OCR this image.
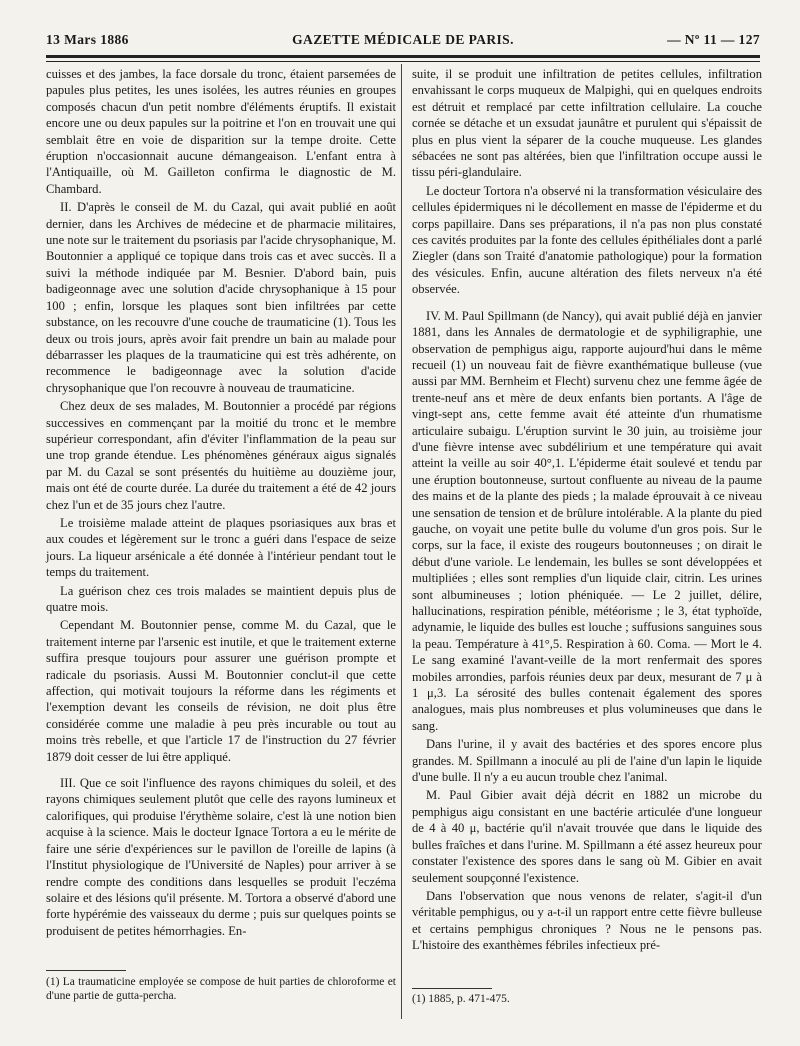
13 Mars 1886	GAZETTE MÉDICALE DE PARIS.	— Nº 11 — 127

cuisses et des jambes, la face dorsale du tronc, étaient parsemées de papules plus petites, les unes isolées, les autres réunies en groupes composés chacun d'un petit nombre d'éléments éruptifs. Il existait encore une ou deux papules sur la poitrine et l'on en trouvait une qui semblait être en voie de disparition sur la tempe droite. Cette éruption n'occasionnait aucune démangeaison. L'enfant entra à l'Antiquaille, où M. Gailleton confirma le diagnostic de M. Chambard.

II. D'après le conseil de M. du Cazal, qui avait publié en août dernier, dans les Archives de médecine et de pharmacie militaires, une note sur le traitement du psoriasis par l'acide chrysophanique, M. Boutonnier a appliqué ce topique dans trois cas et avec succès. Il a suivi la méthode indiquée par M. Besnier. D'abord bain, puis badigeonnage avec une solution d'acide chrysophanique à 15 pour 100 ; enfin, lorsque les plaques sont bien infiltrées par cette substance, on les recouvre d'une couche de traumaticine (1). Tous les deux ou trois jours, après avoir fait prendre un bain au malade pour débarrasser les plaques de la traumaticine qui est très adhérente, on recommence le badigeonnage avec la solution d'acide chrysophanique que l'on recouvre à nouveau de traumaticine.

Chez deux de ses malades, M. Boutonnier a procédé par régions successives en commençant par la moitié du tronc et le membre supérieur correspondant, afin d'éviter l'inflammation de la peau sur une trop grande étendue. Les phénomènes généraux aigus signalés par M. du Cazal se sont présentés du huitième au douzième jour, mais ont été de courte durée. La durée du traitement a été de 42 jours chez l'un et de 35 jours chez l'autre.

Le troisième malade atteint de plaques psoriasiques aux bras et aux coudes et légèrement sur le tronc a guéri dans l'espace de seize jours. La liqueur arsénicale a été donnée à l'intérieur pendant tout le temps du traitement.

La guérison chez ces trois malades se maintient depuis plus de quatre mois.

Cependant M. Boutonnier pense, comme M. du Cazal, que le traitement interne par l'arsenic est inutile, et que le traitement externe suffira presque toujours pour assurer une guérison prompte et radicale du psoriasis. Aussi M. Boutonnier conclut-il que cette affection, qui motivait toujours la réforme dans les régiments et l'exemption devant les conseils de révision, ne doit plus être considérée comme une maladie à peu près incurable ou tout au moins très rebelle, et que l'article 17 de l'instruction du 27 février 1879 doit cesser de lui être appliqué.

III. Que ce soit l'influence des rayons chimiques du soleil, et des rayons chimiques seulement plutôt que celle des rayons lumineux et calorifiques, qui produise l'érythème solaire, c'est là une notion bien acquise à la science. Mais le docteur Ignace Tortora a eu le mérite de faire une série d'expériences sur le pavillon de l'oreille de lapins (à l'Institut physiologique de l'Université de Naples) pour arriver à se rendre compte des conditions dans lesquelles se produit l'eczéma solaire et des lésions qu'il présente. M. Tortora a observé d'abord une forte hypérémie des vaisseaux du derme ; puis sur quelques points se produisent de petites hémorrhagies. En-

suite, il se produit une infiltration de petites cellules, infiltration envahissant le corps muqueux de Malpighi, qui en quelques endroits est détruit et remplacé par cette infiltration cellulaire. La couche cornée se détache et un exsudat jaunâtre et purulent qui s'épaissit de plus en plus vient la séparer de la couche muqueuse. Les glandes sébacées ne sont pas altérées, bien que l'infiltration occupe aussi le tissu péri-glandulaire.

Le docteur Tortora n'a observé ni la transformation vésiculaire des cellules épidermiques ni le décollement en masse de l'épiderme et du corps papillaire. Dans ses préparations, il n'a pas non plus constaté ces cavités produites par la fonte des cellules épithéliales dont a parlé Ziegler (dans son Traité d'anatomie pathologique) pour la formation des vésicules. Enfin, aucune altération des filets nerveux n'a été observée.

IV. M. Paul Spillmann (de Nancy), qui avait publié déjà en janvier 1881, dans les Annales de dermatologie et de syphiligraphie, une observation de pemphigus aigu, rapporte aujourd'hui dans le même recueil (1) un nouveau fait de fièvre exanthématique bulleuse (vue aussi par MM. Bernheim et Flecht) survenu chez une femme âgée de trente-neuf ans et mère de deux enfants bien portants. A l'âge de vingt-sept ans, cette femme avait été atteinte d'un rhumatisme articulaire subaigu. L'éruption survint le 30 juin, au troisième jour d'une fièvre intense avec subdélirium et une température qui avait atteint la veille au soir 40°,1. L'épiderme était soulevé et tendu par une éruption boutonneuse, surtout confluente au niveau de la paume des mains et de la plante des pieds ; la malade éprouvait à ce niveau une sensation de tension et de brûlure intolérable. A la plante du pied gauche, on voyait une petite bulle du volume d'un gros pois. Sur le corps, sur la face, il existe des rougeurs boutonneuses ; on dirait le début d'une variole. Le lendemain, les bulles se sont développées et multipliées ; elles sont remplies d'un liquide clair, citrin. Les urines sont albumineuses ; lotion phéniquée. — Le 2 juillet, délire, hallucinations, respiration pénible, météorisme ; le 3, état typhoïde, adynamie, le liquide des bulles est louche ; suffusions sanguines sous la peau. Température à 41°,5. Respiration à 60. Coma. — Mort le 4. Le sang examiné l'avant-veille de la mort renfermait des spores mobiles arrondies, parfois réunies deux par deux, mesurant de 7 μ à 1 μ,3. La sérosité des bulles contenait également des spores analogues, mais plus nombreuses et plus volumineuses que dans le sang.

Dans l'urine, il y avait des bactéries et des spores encore plus grandes. M. Spillmann a inoculé au pli de l'aine d'un lapin le liquide d'une bulle. Il n'y a eu aucun trouble chez l'animal.

M. Paul Gibier avait déjà décrit en 1882 un microbe du pemphigus aigu consistant en une bactérie articulée d'une longueur de 4 à 40 μ, bactérie qu'il n'avait trouvée que dans le liquide des bulles fraîches et dans l'urine. M. Spillmann a été assez heureux pour constater l'existence des spores dans le sang où M. Gibier en avait seulement soupçonné l'existence.

Dans l'observation que nous venons de relater, s'agit-il d'un véritable pemphigus, ou y a-t-il un rapport entre cette fièvre bulleuse et certains pemphigus chroniques ? Nous ne le pensons pas. L'histoire des exanthèmes fébriles infectieux pré-

(1) La traumaticine employée se compose de huit parties de chloroforme et d'une partie de gutta-percha.	(1) 1885, p. 471-475.
